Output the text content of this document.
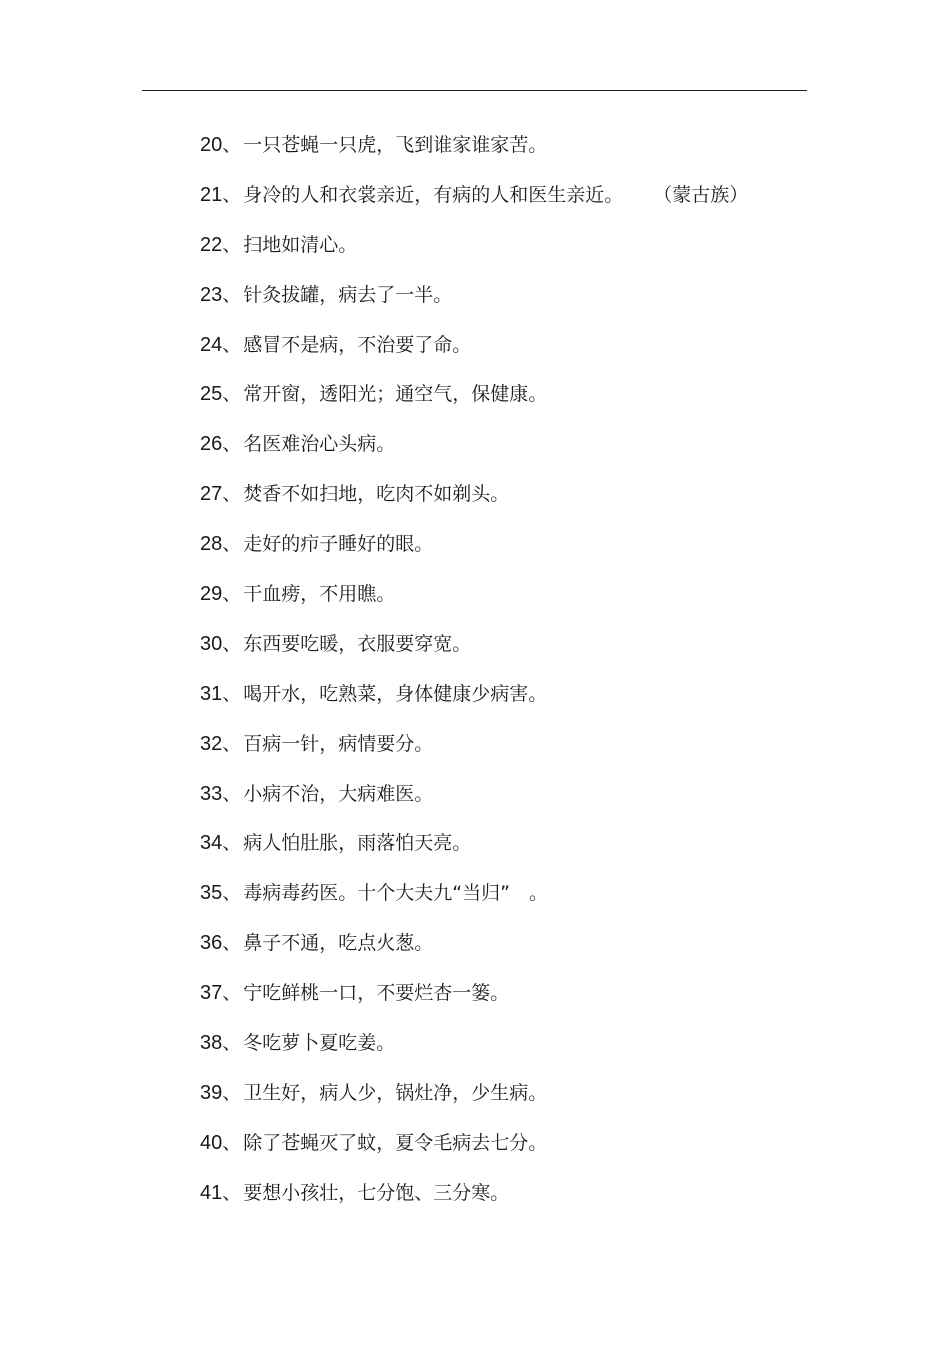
20 、 一只苍蝇一只虎，飞到谁家谁家苦。
21 、 身冷的人和衣裳亲近，有病的人和医生亲近。 （蒙古族）
22 、 扫地如清心。
23 、 针灸拔罐，病去了一半。
24 、 感冒不是病，不治要了命。
25 、 常开窗，透阳光；通空气，保健康。
26 、 名医难治心头病。
27 、 焚香不如扫地，吃肉不如剃头。
28 、 走好的疖子睡好的眼。
29 、 干血痨，不用瞧。
30 、 东西要吃暖，衣服要穿宽。
31 、 喝开水，吃熟菜，身体健康少病害。
32 、 百病一针，病情要分。
33 、 小病不治，大病难医。
34 、 病人怕肚胀，雨落怕天亮。
35 、 毒病毒药医。十个大夫九“当归”　。
36 、 鼻子不通，吃点火葱。
37 、 宁吃鲜桃一口，不要烂杏一篓。
38 、 冬吃萝卜夏吃姜。
39 、 卫生好，病人少，锅灶净，少生病。
40 、 除了苍蝇灭了蚊，夏令毛病去七分。
41 、 要想小孩壮，七分饱、三分寒。
